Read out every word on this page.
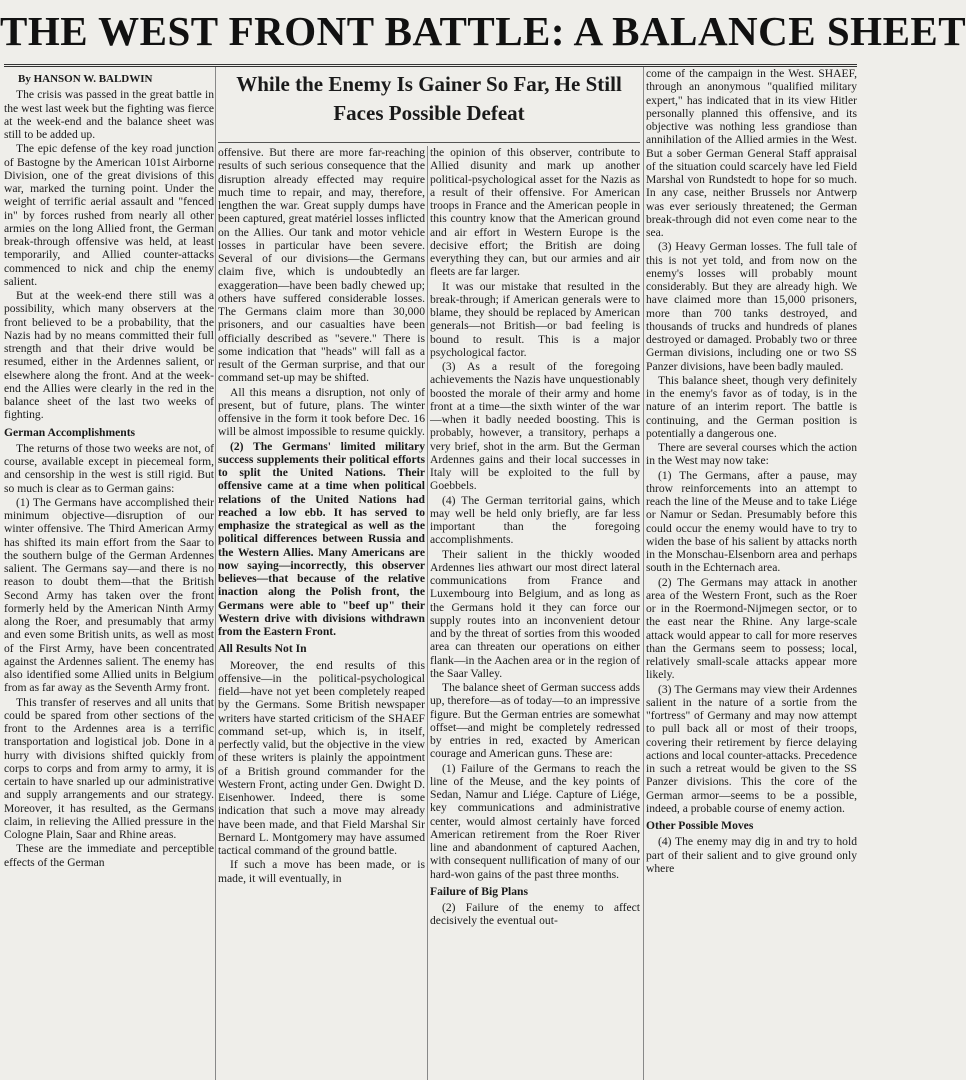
THE WEST FRONT BATTLE: A BALANCE SHEET
While the Enemy Is Gainer So Far, He Still Faces Possible Defeat

By HANSON W. BALDWIN

The crisis was passed in the great battle in the west last week but the fighting was fierce at the week-end and the balance sheet was still to be added up.

The epic defense of the key road junction of Bastogne by the American 101st Airborne Division, one of the great divisions of this war, marked the turning point. Under the weight of terrific aerial assault and "fenced in" by forces rushed from nearly all other armies on the long Allied front, the German break-through offensive was held, at least temporarily, and Allied counter-attacks commenced to nick and chip the enemy salient.

But at the week-end there still was a possibility, which many observers at the front believed to be a probability, that the Nazis had by no means committed their full strength and that their drive would be resumed, either in the Ardennes salient, or elsewhere along the front. And at the week-end the Allies were clearly in the red in the balance sheet of the last two weeks of fighting.

German Accomplishments

The returns of those two weeks are not, of course, available except in piecemeal form, and censorship in the west is still rigid. But so much is clear as to German gains:

(1) The Germans have accomplished their minimum objective—disruption of our winter offensive. The Third American Army has shifted its main effort from the Saar to the southern bulge of the German Ardennes salient. The Germans say—and there is no reason to doubt them—that the British Second Army has taken over the front formerly held by the American Ninth Army along the Roer, and presumably that army and even some British units, as well as most of the First Army, have been concentrated against the Ardennes salient. The enemy has also identified some Allied units in Belgium from as far away as the Seventh Army front.

This transfer of reserves and all units that could be spared from other sections of the front to the Ardennes area is a terrific transportation and logistical job. Done in a hurry with divisions shifted quickly from corps to corps and from army to army, it is certain to have snarled up our administrative and supply arrangements and our strategy. Moreover, it has resulted, as the Germans claim, in relieving the Allied pressure in the Cologne Plain, Saar and Rhine areas.

These are the immediate and perceptible effects of the German

offensive. But there are more far-reaching results of such serious consequence that the disruption already effected may require much time to repair, and may, therefore, lengthen the war. Great supply dumps have been captured, great matériel losses inflicted on the Allies. Our tank and motor vehicle losses in particular have been severe. Several of our divisions—the Germans claim five, which is undoubtedly an exaggeration—have been badly chewed up; others have suffered considerable losses. The Germans claim more than 30,000 prisoners, and our casualties have been officially described as "severe." There is some indication that "heads" will fall as a result of the German surprise, and that our command set-up may be shifted.

All this means a disruption, not only of present, but of future, plans. The winter offensive in the form it took before Dec. 16 will be almost impossible to resume quickly.

(2) The Germans' limited military success supplements their political efforts to split the United Nations. Their offensive came at a time when political relations of the United Nations had reached a low ebb. It has served to emphasize the strategical as well as the political differences between Russia and the Western Allies. Many Americans are now saying—incorrectly, this observer believes—that because of the relative inaction along the Polish front, the Germans were able to "beef up" their Western drive with divisions withdrawn from the Eastern Front.

All Results Not In

Moreover, the end results of this offensive—in the political-psychological field—have not yet been completely reaped by the Germans. Some British newspaper writers have started criticism of the SHAEF command set-up, which is, in itself, perfectly valid, but the objective in the view of these writers is plainly the appointment of a British ground commander for the Western Front, acting under Gen. Dwight D. Eisenhower. Indeed, there is some indication that such a move may already have been made, and that Field Marshal Sir Bernard L. Montgomery may have assumed tactical command of the ground battle.

If such a move has been made, or is made, it will eventually, in

the opinion of this observer, contribute to Allied disunity and mark up another political-psychological asset for the Nazis as a result of their offensive. For American troops in France and the American people in this country know that the American ground and air effort in Western Europe is the decisive effort; the British are doing everything they can, but our armies and air fleets are far larger.

It was our mistake that resulted in the break-through; if American generals were to blame, they should be replaced by American generals—not British—or bad feeling is bound to result. This is a major psychological factor.

(3) As a result of the foregoing achievements the Nazis have unquestionably boosted the morale of their army and home front at a time—the sixth winter of the war—when it badly needed boosting. This is probably, however, a transitory, perhaps a very brief, shot in the arm. But the German Ardennes gains and their local successes in Italy will be exploited to the full by Goebbels.

(4) The German territorial gains, which may well be held only briefly, are far less important than the foregoing accomplishments.

Their salient in the thickly wooded Ardennes lies athwart our most direct lateral communications from France and Luxembourg into Belgium, and as long as the Germans hold it they can force our supply routes into an inconvenient detour and by the threat of sorties from this wooded area can threaten our operations on either flank—in the Aachen area or in the region of the Saar Valley.

The balance sheet of German success adds up, therefore—as of today—to an impressive figure. But the German entries are somewhat offset—and might be completely redressed by entries in red, exacted by American courage and American guns. These are:

(1) Failure of the Germans to reach the line of the Meuse, and the key points of Sedan, Namur and Liége. Capture of Liége, key communications and administrative center, would almost certainly have forced American retirement from the Roer River line and abandonment of captured Aachen, with consequent nullification of many of our hard-won gains of the past three months.

Failure of Big Plans

(2) Failure of the enemy to affect decisively the eventual out-

come of the campaign in the West. SHAEF, through an anonymous "qualified military expert," has indicated that in its view Hitler personally planned this offensive, and its objective was nothing less grandiose than annihilation of the Allied armies in the West. But a sober German General Staff appraisal of the situation could scarcely have led Field Marshal von Rundstedt to hope for so much. In any case, neither Brussels nor Antwerp was ever seriously threatened; the German break-through did not even come near to the sea.

(3) Heavy German losses. The full tale of this is not yet told, and from now on the enemy's losses will probably mount considerably. But they are already high. We have claimed more than 15,000 prisoners, more than 700 tanks destroyed, and thousands of trucks and hundreds of planes destroyed or damaged. Probably two or three German divisions, including one or two SS Panzer divisions, have been badly mauled.

This balance sheet, though very definitely in the enemy's favor as of today, is in the nature of an interim report. The battle is continuing, and the German position is potentially a dangerous one.

There are several courses which the action in the West may now take:

(1) The Germans, after a pause, may throw reinforcements into an attempt to reach the line of the Meuse and to take Liége or Namur or Sedan. Presumably before this could occur the enemy would have to try to widen the base of his salient by attacks north in the Monschau-Elsenborn area and perhaps south in the Echternach area.

(2) The Germans may attack in another area of the Western Front, such as the Roer or in the Roermond-Nijmegen sector, or to the east near the Rhine. Any large-scale attack would appear to call for more reserves than the Germans seem to possess; local, relatively small-scale attacks appear more likely.

(3) The Germans may view their Ardennes salient in the nature of a sortie from the "fortress" of Germany and may now attempt to pull back all or most of their troops, covering their retirement by fierce delaying actions and local counter-attacks. Precedence in such a retreat would be given to the SS Panzer divisions. This the core of the German armor—seems to be a possible, indeed, a probable course of enemy action.

Other Possible Moves

(4) The enemy may dig in and try to hold part of their salient and to give ground only where
